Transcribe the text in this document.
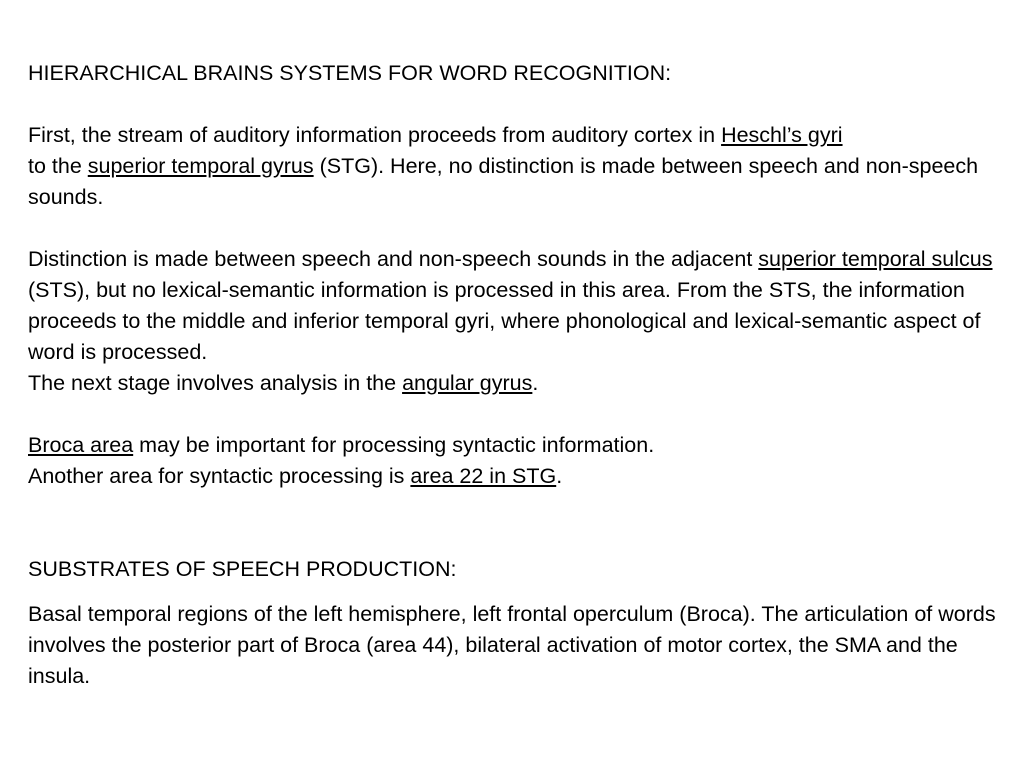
HIERARCHICAL BRAINS SYSTEMS FOR WORD RECOGNITION:

First, the stream of auditory information proceeds from auditory cortex in Heschl’s gyri
to the superior temporal gyrus (STG). Here, no distinction is made between speech and non-speech sounds.

Distinction is made between speech and non-speech sounds in the adjacent superior temporal sulcus (STS), but no lexical-semantic information is processed in this area. From the STS, the information proceeds to the middle and inferior temporal gyri, where phonological and lexical-semantic aspect of word is processed.

The next stage involves analysis in the angular gyrus.

Broca area may be important for processing syntactic information.

Another area for syntactic processing is area 22 in STG.

SUBSTRATES OF SPEECH PRODUCTION:

Basal temporal regions of the left hemisphere, left frontal operculum (Broca). The articulation of words involves the posterior part of Broca (area 44), bilateral activation of motor cortex, the SMA and the insula.
